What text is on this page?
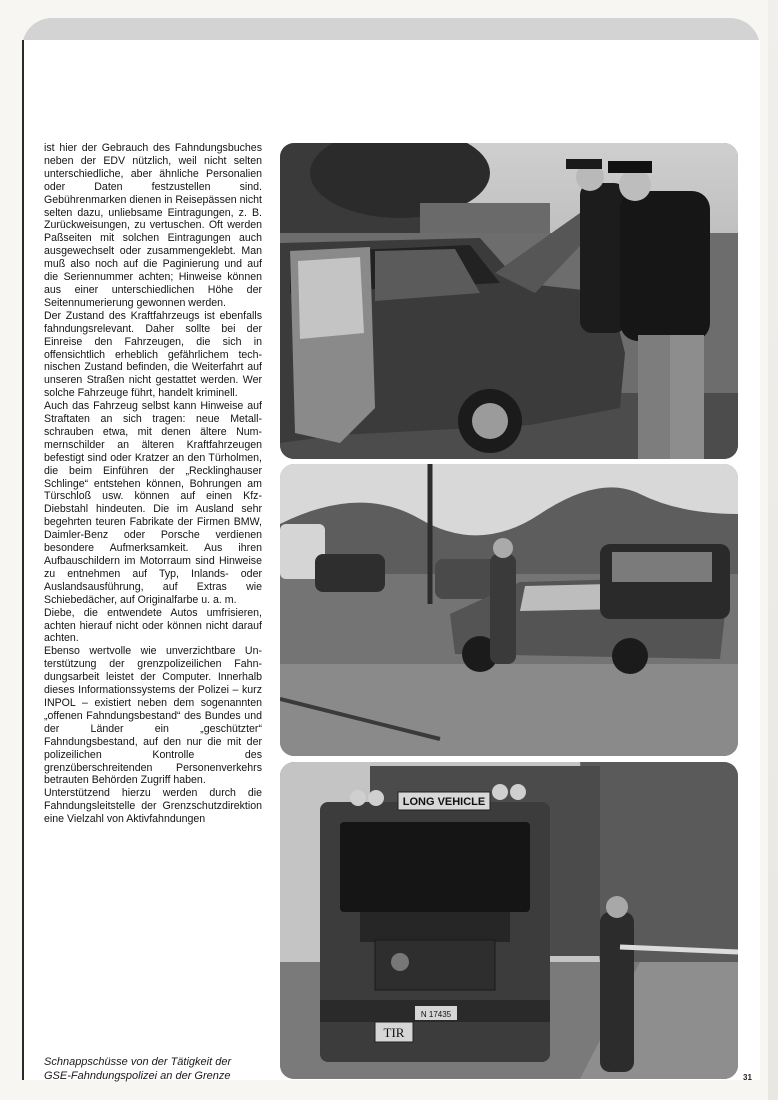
ist hier der Gebrauch des Fahndungsbuches neben der EDV nützlich, weil nicht selten unterschiedliche, aber ähnliche Personalien oder Daten festzustellen sind. Gebührenmarken dienen in Reisepässen nicht selten dazu, unliebsame Eintragungen, z. B. Zurückweisungen, zu vertuschen. Oft werden Paßseiten mit solchen Eintragungen auch ausgewechselt oder zusammengeklebt. Man muß also noch auf die Paginierung und auf die Seriennummer achten; Hinweise können aus einer unterschiedlichen Höhe der Seitennumerierung gewonnen werden.

Der Zustand des Kraftfahrzeugs ist ebenfalls fahndungsrelevant. Daher sollte bei der Einreise den Fahrzeugen, die sich in offensichtlich erheblich gefährlichem technischen Zustand befinden, die Weiterfahrt auf unseren Straßen nicht gestattet werden. Wer solche Fahrzeuge führt, handelt kriminell.

Auch das Fahrzeug selbst kann Hinweise auf Straftaten an sich tragen: neue Metallschrauben etwa, mit denen ältere Nummernschilder an älteren Kraftfahrzeugen befestigt sind oder Kratzer an den Türholmen, die beim Einführen der „Recklinghauser Schlinge“ entstehen können, Bohrungen am Türschloß usw. können auf einen Kfz-Diebstahl hindeuten. Die im Ausland sehr begehrten teuren Fabrikate der Firmen BMW, Daimler-Benz oder Porsche verdienen besondere Aufmerksamkeit. Aus ihren Aufbauschildern im Motorraum sind Hinweise zu entnehmen auf Typ, Inlands- oder Auslandsausführung, auf Extras wie Schiebedächer, auf Originalfarbe u. a. m.

Diebe, die entwendete Autos umfrisieren, achten hierauf nicht oder können nicht darauf achten.

Ebenso wertvolle wie unverzichtbare Unterstützung der grenzpolizeilichen Fahndungsarbeit leistet der Computer. Innerhalb dieses Informationssystems der Polizei – kurz INPOL – existiert neben dem sogenannten „offenen Fahndungsbestand“ des Bundes und der Länder ein „geschützter“ Fahndungsbestand, auf den nur die mit der polizeilichen Kontrolle des grenzüberschreitenden Personenverkehrs betrauten Behörden Zugriff haben.

Unterstützend hierzu werden durch die Fahndungsleitstelle der Grenzschutzdirektion eine Vielzahl von Aktivfahndungen

LONG VEHICLE
N 17435
TIR
Schnappschüsse von der Tätigkeit der
GSE-Fahndungspolizei an der Grenze	31
